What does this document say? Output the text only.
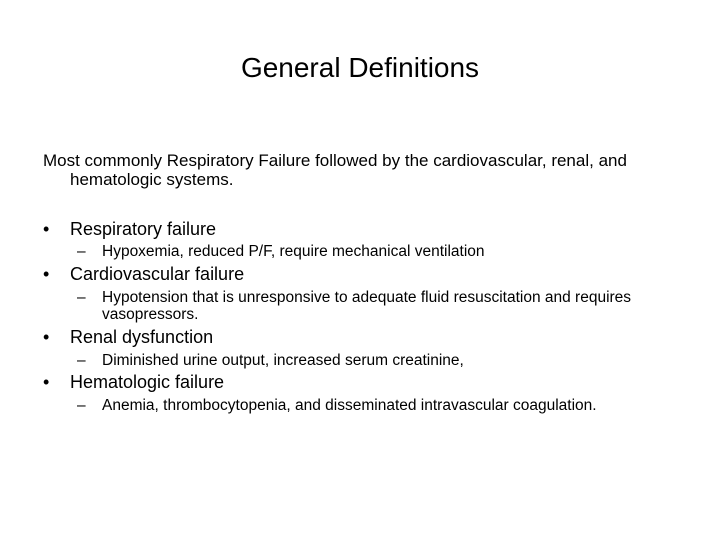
General Definitions
Most commonly Respiratory Failure followed by the cardiovascular, renal, and hematologic systems.
• Respiratory failure
– Hypoxemia, reduced P/F, require mechanical ventilation
• Cardiovascular failure
– Hypotension that is unresponsive to adequate fluid resuscitation and requires vasopressors.
• Renal dysfunction
– Diminished urine output, increased serum creatinine,
• Hematologic failure
– Anemia, thrombocytopenia, and disseminated intravascular coagulation.
